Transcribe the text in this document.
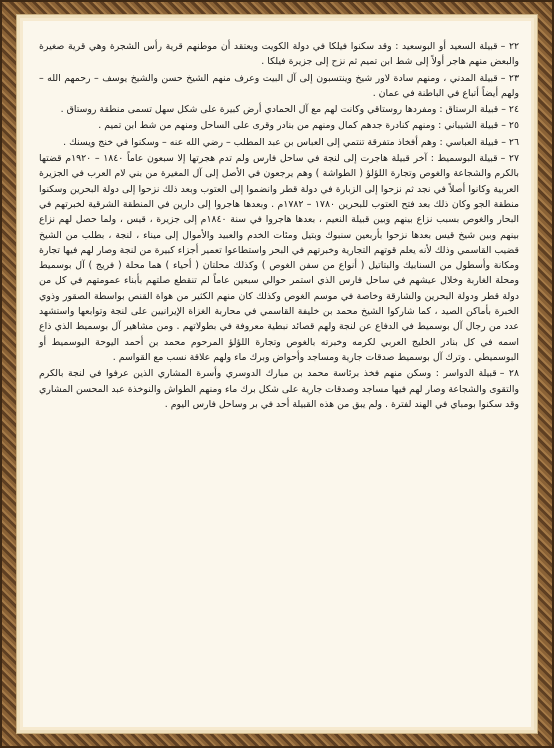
٢٢ –قبيلة السعيد أو البوسعيد : وقد سكنوا فيلكا في دولة الكويت ويعتقد أن موطنهم قرية رأس الشجرة وهي قرية صغيرة والبعض منهم هاجر أولاً إلى شط ابن تميم ثم نزح إلى جزيرة فيلكا .

٢٣ –قبيلة المدني ، ومنهم سادة لاور شيخ وينتسبون إلى آل البيت وعرف منهم الشيخ حسن والشيخ يوسف – رحمهم الله – ولهم أيضاً أتباع في الباطنة في عمان .

٢٤ –قبيلة الرستاق : ومفردها روستاقي وكانت لهم مع آل الحمادي أرض كبيرة على شكل سهل تسمى منطقة روستاق .

٢٥ –قبيلة الشيباني : ومنهم كنادرة جدهم كمال ومنهم من بنادر وقرى على الساحل ومنهم من شط ابن تميم .

٢٦ –قبيلة العباسي : وهم أفخاذ متفرقة تنتمي إلى العباس بن عبد المطلب – رضي الله عنه – وسكنوا في خنج ويسنك .

٢٧ –قبيلة البوسميط : آخر قبيلة هاجرت إلى لنجة في ساحل فارس ولم تدم هجرتها إلا سبعون عاماً ١٨٤٠ – ١٩٢٠م قضتها بالكرم والشجاعة والغوص وتجارة اللؤلؤ ( الطواشة ) وهم يرجعون في الأصل إلى آل المغيرة من بني لام العرب في الجزيرة العربية وكانوا أصلاً في نجد ثم نزحوا إلى الزبارة في دولة قطر وانضموا إلى العتوب وبعد ذلك نزحوا إلى دولة البحرين وسكنوا منطقة الجو وكان ذلك بعد فتح العتوب للبحرين ١٧٨٠ – ١٧٨٢م . وبعدها هاجروا إلى دارين في المنطقة الشرقية لخبرتهم في البحار والغوص بسبب نزاع بينهم وبين قبيلة النعيم ، بعدها هاجروا في سنة ١٨٤٠م إلى جزيرة ، قيس ، ولما حصل لهم نزاع بينهم وبين شيخ قيس بعدها نزحوا بأربعين سنبوك وبتيل ومئات الخدم والعبيد والأموال إلى ميناء ، لنجة ، بطلب من الشيخ قضيب القاسمي وذلك لأنه يعلم قوتهم التجارية وخبرتهم في البحر واستطاعوا تعمير أجزاء كبيرة من لنجة وصار لهم فيها تجارة ومكانة وأسطول من السنابيك والبتاتيل ( أنواع من سفن الغوص ) وكذلك محلتان ( أحياء ) هما محلة ( فريج ) آل بوسميط ومحلة الغاربة وخلال عيشهم في ساحل فارس الذي استمر حوالي سبعين عاماً لم تنقطع صلتهم بأبناء عمومتهم في كل من دولة قطر ودولة البحرين والشارقة وخاصة في موسم الغوص وكذلك كان منهم الكثير من هواة القنص بواسطة الصقور وذوي الخبرة بأماكن الصيد ، كما شاركوا الشيخ محمد بن خليفة القاسمي في محاربة الغزاة الإيرانيين على لنجة وتوابعها واستشهد عدد من رجال آل بوسميط في الدفاع عن لنجة ولهم قصائد نبطية معروفة في بطولاتهم . ومن مشاهير آل بوسميط الذي ذاع اسمه في كل بنادر الخليج العربي لكرمه وخبرته بالغوص وتجارة اللؤلؤ المرحوم محمد بن أحمد اليوحة البوسميط أو البوسميطي . وترك آل بوسميط صدقات جارية ومساجد وأحواض وبرك ماء ولهم علاقة نسب مع القواسم .

٢٨ –قبيلة الدواسر : وسكن منهم فخذ برئاسة محمد بن مبارك الدوسري وأسرة المشاري الذين عرفوا في لنجة بالكرم والتقوى والشجاعة وصار لهم فيها مساجد وصدقات جارية على شكل برك ماء ومنهم الطواش والنوخذة عبد المحسن المشاري وقد سكنوا بومباي في الهند لفترة . ولم يبق من هذه القبيلة أحد في بر وساحل فارس اليوم .
